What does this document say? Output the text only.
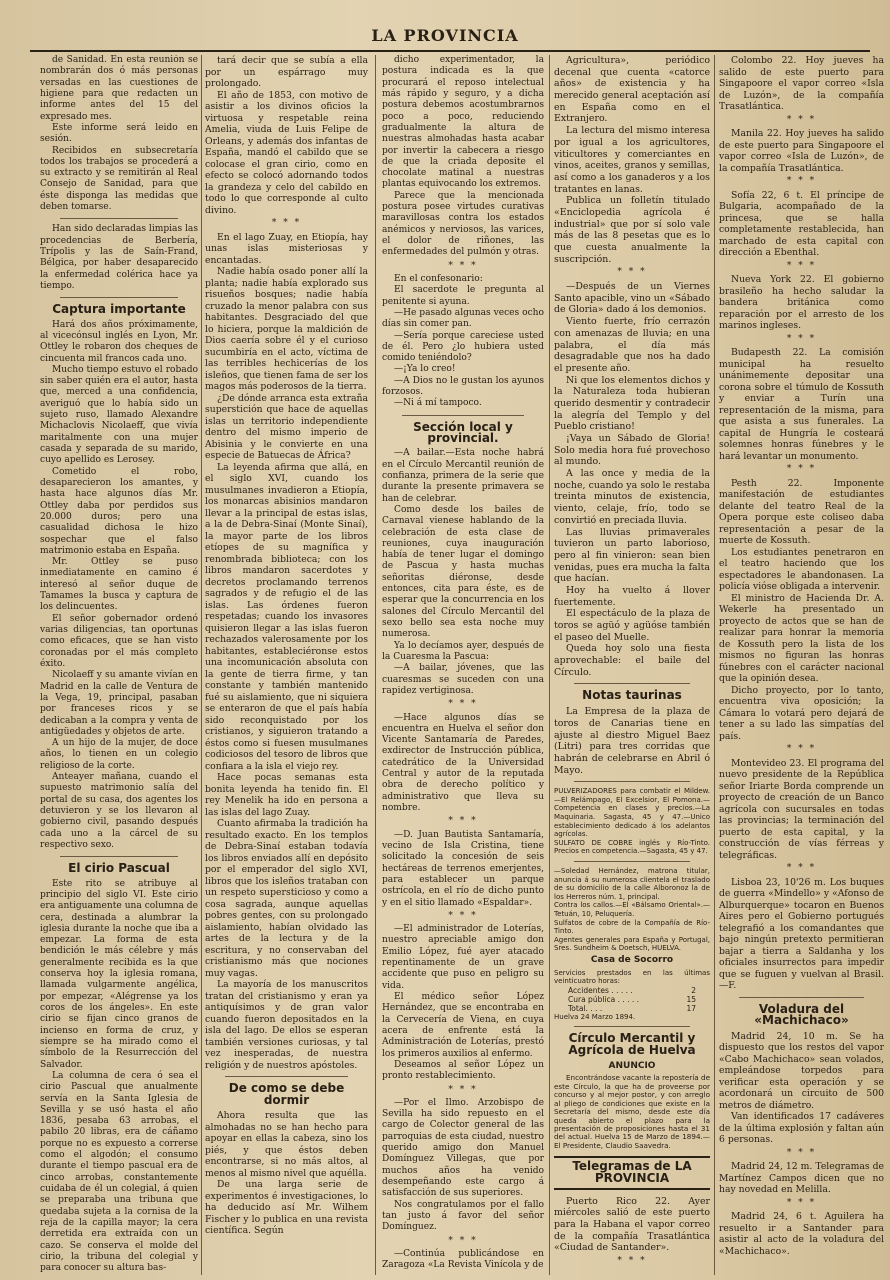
LA PROVINCIA

de Sanidad. En esta reunión se nombrarán dos ó más personas versadas en las cuestiones de higiene para que redacten un informe antes del 15 del expresado mes.

Este informe será leido en sesión.

Recibidos en subsecretaría todos los trabajos se procederá a su extracto y se remitirán al Real Consejo de Sanidad, para que éste disponga las medidas que deben tomarse.

Han sido declaradas limpias las procedencias de Berbería, Trípolis y las de Saín-Frand, Bélgica, por haber desaparecido la enfermedad colérica hace ya tiempo.

Captura importante

Hará dos años próximamente, al vicecónsul inglés en Lyon, Mr. Ottley le robaron dos cheques de cincuenta mil francos cada uno.

Mucho tiempo estuvo el robado sin saber quién era el autor, hasta que, merced a una confidencia, averiguó que lo había sido un sujeto ruso, llamado Alexandre Michaclovis Nicolaeff, que vivía maritalmente con una mujer casada y separada de su marido, cuyo apellido es Lerosey.

Cometido el robo, desaparecieron los amantes, y hasta hace algunos días Mr. Ottley daba por perdidos sus 20.000 duros; pero una casualidad dichosa le hizo sospechar que el falso matrimonio estaba en España.

Mr. Ottley se puso inmediatamente en camino é interesó al señor duque de Tamames la busca y captura de los delincuentes.

El señor gobernador ordenó varias diligencias, tan oportunas como eficaces, que se han visto coronadas por el más completo éxito.

Nicolaeff y su amante vivían en Madrid en la calle de Ventura de la Vega, 19, principal, pasaban por franceses ricos y se dedicaban a la compra y venta de antigüedades y objetos de arte.

A un hijo de la mujer, de doce años, lo tienen en un colegio religioso de la corte.

Anteayer mañana, cuando el supuesto matrimonio salía del portal de su casa, dos agentes los detuvieron y se los llevaron al gobierno civil, pasando después cada uno a la cárcel de su respectivo sexo.

El cirio Pascual

Este rito se atribuye al principio del siglo VI. Este cirio era antiguamente una columna de cera, destinada a alumbrar la iglesia durante la noche que iba a empezar. La forma de esta bendición le más célebre y más generalmente recibida es la que conserva hoy la iglesia romana, llamada vulgarmente angélica, por empezar, «Alégrense ya los coros de los ángeles». En este cirio se fijan cinco granos de incienso en forma de cruz, y siempre se ha mirado como el símbolo de la Resurrección del Salvador.

La columna de cera ó sea el cirio Pascual que anualmente servía en la Santa Iglesia de Sevilla y se usó hasta el año 1836, pesaba 63 arrobas, el pabilo 20 libras, era de cáñamo porque no es expuesto a correrse como el algodón; el consumo durante el tiempo pascual era de cinco arrobas, constantemente cuidaba de él un colegial, á quien se preparaba una tribuna que quedaba sujeta a la cornisa de la reja de la capilla mayor; la cera derretida era extraída con un cazo. Se conserva el molde del cirio, la tribuna del colegial y para conocer su altura bas-

tará decir que se subía a ella por un espárrago muy prolongado.

El año de 1853, con motivo de asistir a los divinos oficios la virtuosa y respetable reina Amelia, viuda de Luis Felipe de Orleans, y además dos infantas de España, mandó el cabildo que se colocase el gran cirio, como en efecto se colocó adornando todos la grandeza y celo del cabildo en todo lo que corresponde al culto divino.

* * *

En el lago Zuay, en Etiopía, hay unas islas misteriosas y encantadas.

Nadie había osado poner allí la planta; nadie había explorado sus risueños bosques; nadie había cruzado la menor palabra con sus habitantes. Desgraciado del que lo hiciera, porque la maldición de Dios caería sobre él y el curioso sucumbiría en el acto, víctima de las terribles hechicerías de los isleños, que tienen fama de ser los magos más poderosos de la tierra.

¿De dónde arranca esta extraña superstición que hace de aquellas islas un territorio independiente dentro del mismo imperio de Abisinia y le convierte en una especie de Batuecas de África?

La leyenda afirma que allá, en el siglo XVI, cuando los musulmanes invadieron a Etiopía, los monarcas abisinios mandaron llevar a la principal de estas islas, a la de Debra-Sinaí (Monte Sinaí), la mayor parte de los libros etíopes de su magnífica y renombrada biblioteca; con los libros mandaron sacerdotes y decretos proclamando terrenos sagrados y de refugio el de las islas. Las órdenes fueron respetadas; cuando los invasores quisieron llegar a las islas fueron rechazados valerosamente por los habitantes, estableciéronse estos una incomunicación absoluta con la gente de tierra firme, y tan constante y también mantenido fué su aislamiento, que ni siquiera se enteraron de que el país había sido reconquistado por los cristianos, y siguieron tratando a éstos como si fuesen musulmanes codiciosos del tesoro de libros que confiara a la isla el viejo rey.

Hace pocas semanas esta bonita leyenda ha tenido fin. El rey Menelik ha ido en persona a las islas del lago Zuay.

Cuanto afirmaba la tradición ha resultado exacto. En los templos de Debra-Sinaí estaban todavía los libros enviados allí en depósito por el emperador del siglo XVI, libros que los isleños trataban con un respeto supersticioso y como a cosa sagrada, aunque aquellas pobres gentes, con su prolongado aislamiento, habían olvidado las artes de la lectura y de la escritura, y no conservaban del cristianismo más que nociones muy vagas.

La mayoría de los manuscritos tratan del cristianismo y eran ya antiquísimos y de gran valor cuando fueron depositados en la isla del lago. De ellos se esperan también versiones curiosas, y tal vez inesperadas, de nuestra religión y de nuestros apóstoles.

De como se debe dormir

Ahora resulta que las almohadas no se han hecho para apoyar en ellas la cabeza, sino los piés, y que éstos deben encontrarse, si no más altos, al menos al mismo nivel que aquélla.

De una larga serie de experimentos é investigaciones, lo ha deducido así Mr. Wilhem Fischer y lo publica en una revista científica. Según

dicho experimentador, la postura indicada es la que procurará el reposo intelectual más rápido y seguro, y a dicha postura debemos acostumbrarnos poco a poco, reduciendo gradualmente la altura de nuestras almohadas hasta acabar por invertir la cabecera a riesgo de que la criada deposite el chocolate matinal a nuestras plantas equivocando los extremos.

Parece que la mencionada postura posee virtudes curativas maravillosas contra los estados anémicos y nerviosos, las varices, el dolor de riñones, las enfermedades del pulmón y otras.

* * *

En el confesonario:

El sacerdote le pregunta al penitente si ayuna.

—He pasado algunas veces ocho días sin comer pan.

—Sería porque careciese usted de él. Pero ¿lo hubiera usted comido teniéndolo?

—¡Ya lo creo!

—A Dios no le gustan los ayunos forzosos.

—Ni á mí tampoco.

Sección local y provincial.

—A bailar.—Esta noche habrá en el Círculo Mercantil reunión de confianza, primera de la serie que durante la presente primavera se han de celebrar.

Como desde los bailes de Carnaval vienese hablando de la celebración de esta clase de reuniones, cuya inauguración había de tener lugar el domingo de Pascua y hasta muchas señoritas diéronse, desde entonces, cita para éste, es de esperar que la concurrencia en los salones del Círculo Mercantil del sexo bello sea esta noche muy numerosa.

Ya lo decíamos ayer, después de la Cuaresma la Pascua:

—A bailar, jóvenes, que las cuaresmas se suceden con una rapidez vertiginosa.

* * *

—Hace algunos días se encuentra en Huelva el señor don Vicente Santamaría de Paredes, exdirector de Instrucción pública, catedrático de la Universidad Central y autor de la reputada obra de derecho político y administrativo que lleva su nombre.

* * *

—D. Juan Bautista Santamaría, vecino de Isla Cristina, tiene solicitado la concesión de seis hectáreas de terrenos emerjentes, para establecer un parque ostrícola, en el río de dicho punto y en el sitio llamado «Espaldar».

* * *

—El administrador de Loterías, nuestro apreciable amigo don Emilio López, fué ayer atacado repentinamente de un grave accidente que puso en peligro su vida.

El médico señor López Hernández, que se encontraba en la Cervecería de Viena, en cuya acera de enfrente está la Administración de Loterías, prestó los primeros auxilios al enfermo.

Deseamos al señor López un pronto restablecimiento.

* * *

—Por el Ilmo. Arzobispo de Sevilla ha sido repuesto en el cargo de Colector general de las parroquias de esta ciudad, nuestro querido amigo don Manuel Domínguez Villegas, que por muchos años ha venido desempeñando este cargo á satisfacción de sus superiores.

Nos congratulamos por el fallo tan justo á favor del señor Domínguez.

* * *

—Continúa publicándose en Zaragoza «La Revista Vinícola y de

Agricultura», periódico decenal que cuenta «catorce años» de existencia y ha merecido general aceptación así en España como en el Extranjero.

La lectura del mismo interesa por igual a los agricultores, viticultores y comerciantes en vinos, aceites, granos y semillas, así como a los ganaderos y a los tratantes en lanas.

Publica un folletín titulado «Enciclopedia agrícola é industrial» que por sí solo vale más de las 8 pesetas que es lo que cuesta anualmente la suscripción.

* * *

—Después de un Viernes Santo apacible, vino un «Sábado de Gloria» dado á los demonios.

Viento fuerte, frío cerrazón con amenazas de lluvia; en una palabra, el día más desagradable que nos ha dado el presente año.

Ni que los elementos dichos y la Naturaleza toda hubieran querido desmentir y contradecir la alegría del Templo y del Pueblo cristiano!

¡Vaya un Sábado de Gloria! Solo media hora fué provechoso al mundo.

A las once y media de la noche, cuando ya solo le restaba treinta minutos de existencia, viento, celaje, frío, todo se convirtió en preciada lluvia.

Las lluvias primaverales tuvieron un parto laborioso, pero al fin vinieron: sean bien venidas, pues era mucha la falta que hacían.

Hoy ha vuelto á llover fuertemente.

El espectáculo de la plaza de toros se agüó y agüóse también el paseo del Muelle.

Queda hoy solo una fiesta aprovechable: el baile del Círculo.

Notas taurinas

La Empresa de la plaza de toros de Canarias tiene en ajuste al diestro Miguel Baez (Litri) para tres corridas que habrán de celebrarse en Abril ó Mayo.

PULVERIZADORES para combatir el Mildew.—El Relámpago, El Excelsior, El Pomona.—Competencia en clases y precios.—La Maquinaria. Sagasta, 45 y 47.—Unico establecimiento dedicado á los adelantos agrícolas.

SULFATO DE COBRE inglés y Río-Tinto. Precios en competencia.—Sagasta, 45 y 47.

—Soledad Hernández, matrona titular, anuncia á su numerosa clientela el traslado de su domicilio de la calle Alboronoz la de los Herreros núm. 1, principal.

Contra los callos.—El «Bálsamo Oriental».—Tetuán, 10, Peluquería.

Sulfatos de cobre de la Compañía de Río-Tinto.

Agentes generales para España y Portugal, Sres. Sundheim & Doetsch, HUELVA.

Casa de Socorro

Servicios prestados en las últimas veinticuatro horas:

Accidentes . . . . .	2
Cura pública . . . . .	15
Total. . . .	17

Huelva 24 Marzo 1894.

Círculo Mercantil y Agrícola de Huelva
ANUNCIO

Encontrándose vacante la repostería de este Círculo, la que ha de proveerse por concurso y al mejor postor, y con arreglo al pliego de condiciones que existe en la Secretaría del mismo, desde este día queda abierto el plazo para la presentación de proposiciones hasta el 31 del actual. Huelva 15 de Marzo de 1894.—El Presidente, Claudio Saavedra.

Telegramas de LA PROVINCIA

Puerto Rico 22. Ayer miércoles salió de este puerto para la Habana el vapor correo de la compañía Trasatlántica «Ciudad de Santander».

* * *

Colombo 22. Hoy jueves ha salido de este puerto para Singapoore el vapor correo «Isla de Luzón», de la compañía Trasatlántica.

* * *

Manila 22. Hoy jueves ha salido de este puerto para Singapoore el vapor correo «Isla de Luzón», de la compañía Trasatlántica.

* * *

Sofía 22, 6 t. El príncipe de Bulgaria, acompañado de la princesa, que se halla completamente restablecida, han marchado de esta capital con dirección a Ebenthal.

* * *

Nueva York 22. El gobierno brasileño ha hecho saludar la bandera británica como reparación por el arresto de los marinos ingleses.

* * *

Budapesth 22. La comisión municipal ha resuelto unánimemente depositar una corona sobre el túmulo de Kossuth y enviar a Turín una representación de la misma, para que asista a sus funerales. La capital de Hungría le costeará solemnes honras fúnebres y le hará levantar un monumento.

* * *

Pesth 22. Imponente manifestación de estudiantes delante del teatro Real de la Opera porque este coliseo daba representación a pesar de la muerte de Kossuth.

Los estudiantes penetraron en el teatro haciendo que los espectadores le abandonasen. La policía vióse obligada a intervenir.

El ministro de Hacienda Dr. A. Wekerle ha presentado un proyecto de actos que se han de realizar para honrar la memoria de Kossuth pero la lista de los mismos no figuran las honras fúnebres con el carácter nacional que la opinión desea.

Dicho proyecto, por lo tanto, encuentra viva oposición; la Cámara lo votará pero dejará de tener a su lado las simpatías del país.

* * *

Montevideo 23. El programa del nuevo presidente de la República señor Iriarte Borda comprende un proyecto de creación de un Banco agrícola con sucursales en todas las provincias; la terminación del puerto de esta capital, y la construcción de vías férreas y telegráficas.

* * *

Lisboa 23, 10'26 m. Los buques de guerra «Mindello» y «Afonso de Alburquerque» tocaron en Buenos Aires pero el Gobierno portugués telegrafió a los comandantes que bajo ningún pretexto permitieran bajar a tierra a Saldanha y los oficiales insurrectos para impedir que se fuguen y vuelvan al Brasil. —F.

Voladura del «Machichaco»

Madrid 24, 10 m. Se ha dispuesto que los restos del vapor «Cabo Machichaco» sean volados, empleándose torpedos para verificar esta operación y se acordonará un circuito de 500 metros de diámetro.

Van identificados 17 cadáveres de la última explosión y faltan aún 6 personas.

* * *

Madrid 24, 12 m. Telegramas de Martínez Campos dicen que no hay novedad en Melilla.

* * *

Madrid 24, 6 t. Aguilera ha resuelto ir a Santander para asistir al acto de la voladura del «Machichaco».
